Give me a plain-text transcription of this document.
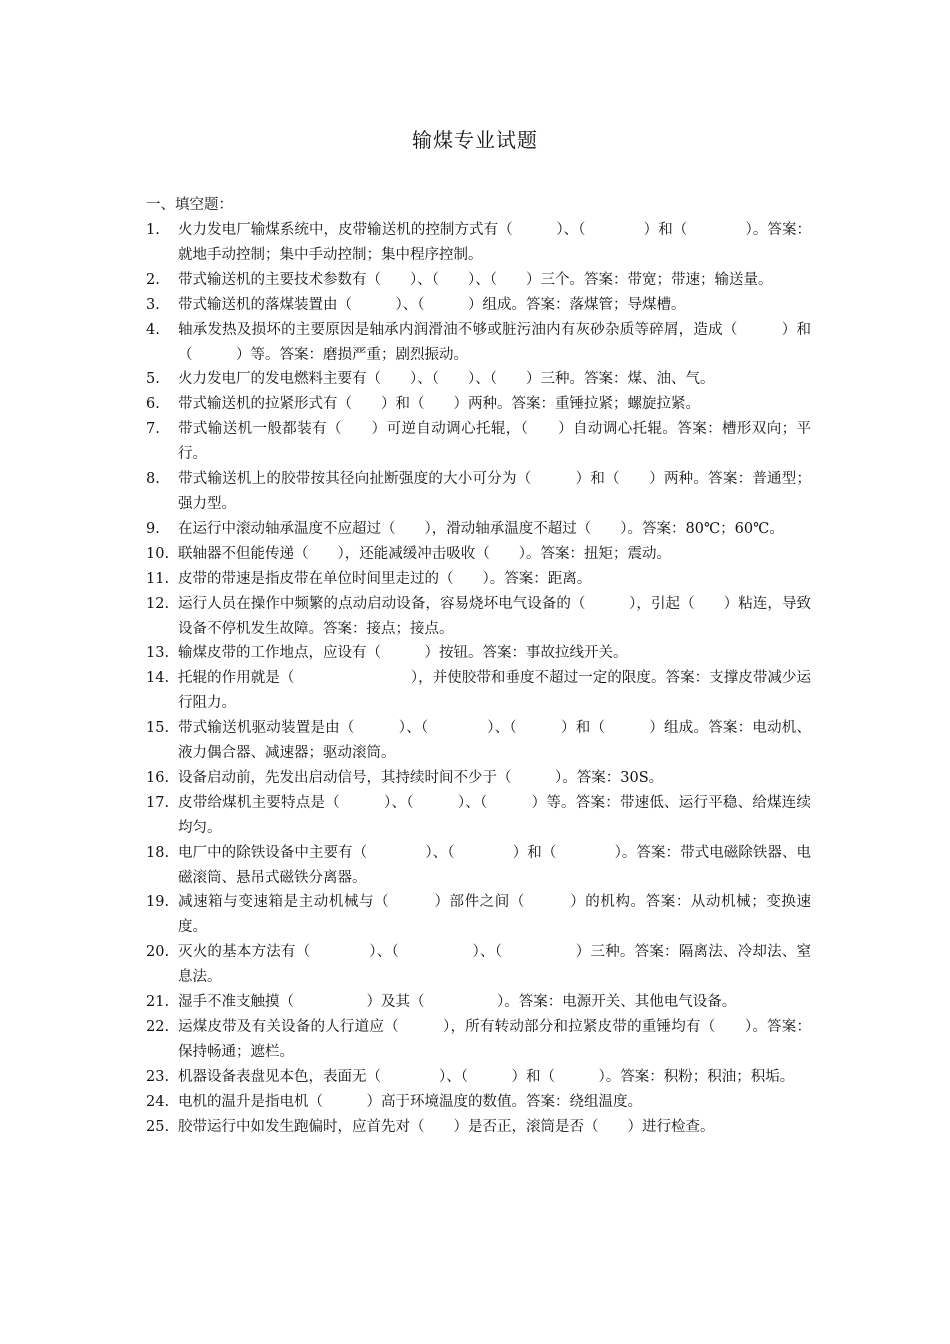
输煤专业试题
一、填空题：
1.	火力发电厂输煤系统中，皮带输送机的控制方式有（　　　）、（　　　　）和（　　　　）。答案：就地手动控制；集中手动控制；集中程序控制。
2.	带式输送机的主要技术参数有（　　）、（　　）、（　　）三个。答案：带宽；带速；输送量。
3.	带式输送机的落煤装置由（　　　）、（　　　）组成。答案：落煤管；导煤槽。
4.	轴承发热及损坏的主要原因是轴承内润滑油不够或脏污油内有灰砂杂质等碎屑，造成（　　　）和（　　　）等。答案：磨损严重；剧烈振动。
5.	火力发电厂的发电燃料主要有（　　）、（　　）、（　　）三种。答案：煤、油、气。
6.	带式输送机的拉紧形式有（　　）和（　　）两种。答案：重锤拉紧；螺旋拉紧。
7.	带式输送机一般都装有（　　）可逆自动调心托辊，（　　）自动调心托辊。答案：槽形双向；平行。
8.	带式输送机上的胶带按其径向扯断强度的大小可分为（　　　）和（　　）两种。答案：普通型；强力型。
9.	在运行中滚动轴承温度不应超过（　　），滑动轴承温度不超过（　　）。答案：80℃；60℃。
10. 联轴器不但能传递（　　），还能减缓冲击吸收（　　）。答案：扭矩；震动。
11. 皮带的带速是指皮带在单位时间里走过的（　　）。答案：距离。
12. 运行人员在操作中频繁的点动启动设备，容易烧坏电气设备的（　　　），引起（　　）粘连，导致设备不停机发生故障。答案：接点；接点。
13. 输煤皮带的工作地点，应设有（　　　）按钮。答案：事故拉线开关。
14. 托辊的作用就是（　　　　　　　　），并使胶带和垂度不超过一定的限度。答案：支撑皮带减少运行阻力。
15. 带式输送机驱动装置是由（　　　）、（　　　　）、（　　　）和（　　　）组成。答案：电动机、液力偶合器、减速器；驱动滚筒。
16. 设备启动前，先发出启动信号，其持续时间不少于（　　　）。答案：30S。
17. 皮带给煤机主要特点是（　　　）、（　　　）、（　　　）等。答案：带速低、运行平稳、给煤连续均匀。
18. 电厂中的除铁设备中主要有（　　　　）、（　　　　）和（　　　　）。答案：带式电磁除铁器、电磁滚筒、悬吊式磁铁分离器。
19. 减速箱与变速箱是主动机械与（　　　）部件之间（　　　）的机构。答案：从动机械；变换速度。
20. 灭火的基本方法有（　　　　）、（　　　　　）、（　　　　　）三种。答案：隔离法、冷却法、窒息法。
21. 湿手不准支触摸（　　　　　）及其（　　　　　）。答案：电源开关、其他电气设备。
22. 运煤皮带及有关设备的人行道应（　　　），所有转动部分和拉紧皮带的重锤均有（　　）。答案：保持畅通；遮栏。
23. 机器设备表盘见本色，表面无（　　　　）、（　　　）和（　　　）。答案：积粉；积油；积垢。
24. 电机的温升是指电机（　　　）高于环境温度的数值。答案：绕组温度。
25. 胶带运行中如发生跑偏时，应首先对（　　）是否正，滚筒是否（　　）进行检查。
